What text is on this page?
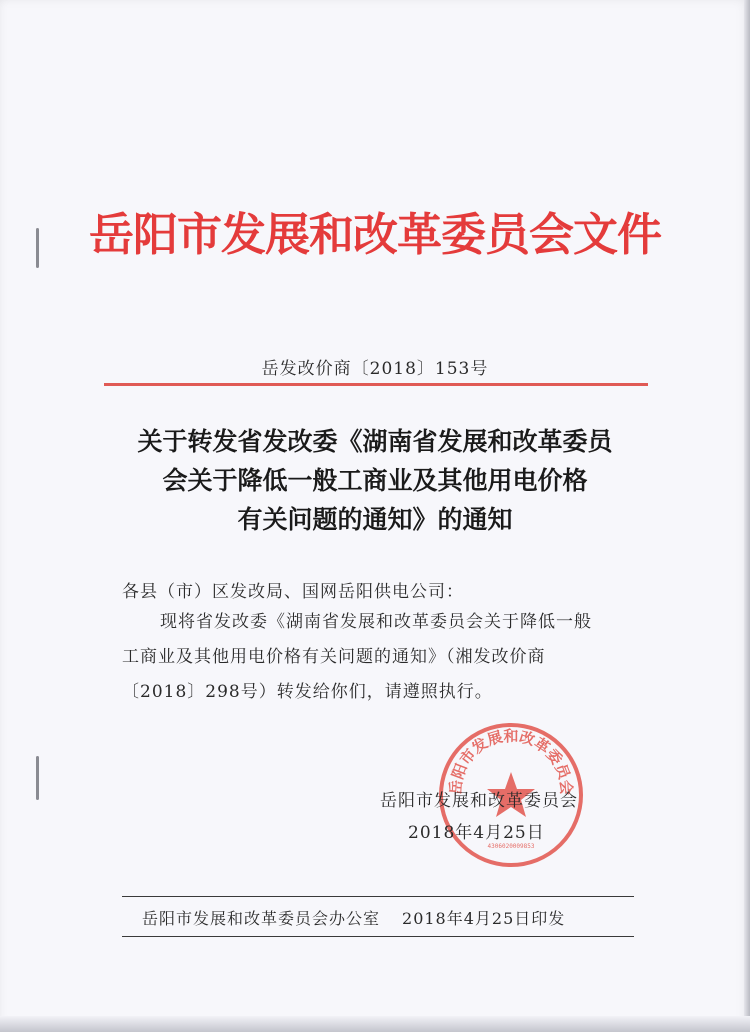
岳阳市发展和改革委员会文件
岳发改价商〔2018〕153号
关于转发省发改委《湖南省发展和改革委员
会关于降低一般工商业及其他用电价格
有关问题的通知》的通知
各县（市）区发改局、国网岳阳供电公司：
现将省发改委《湖南省发展和改革委员会关于降低一般
工商业及其他用电价格有关问题的通知》（湘发改价商
〔2018〕298号）转发给你们，请遵照执行。
岳阳市发展和改革委员会
4306020009853
岳阳市发展和改革委员会
2018年4月25日
岳阳市发展和改革委员会办公室 2018年4月25日印发
